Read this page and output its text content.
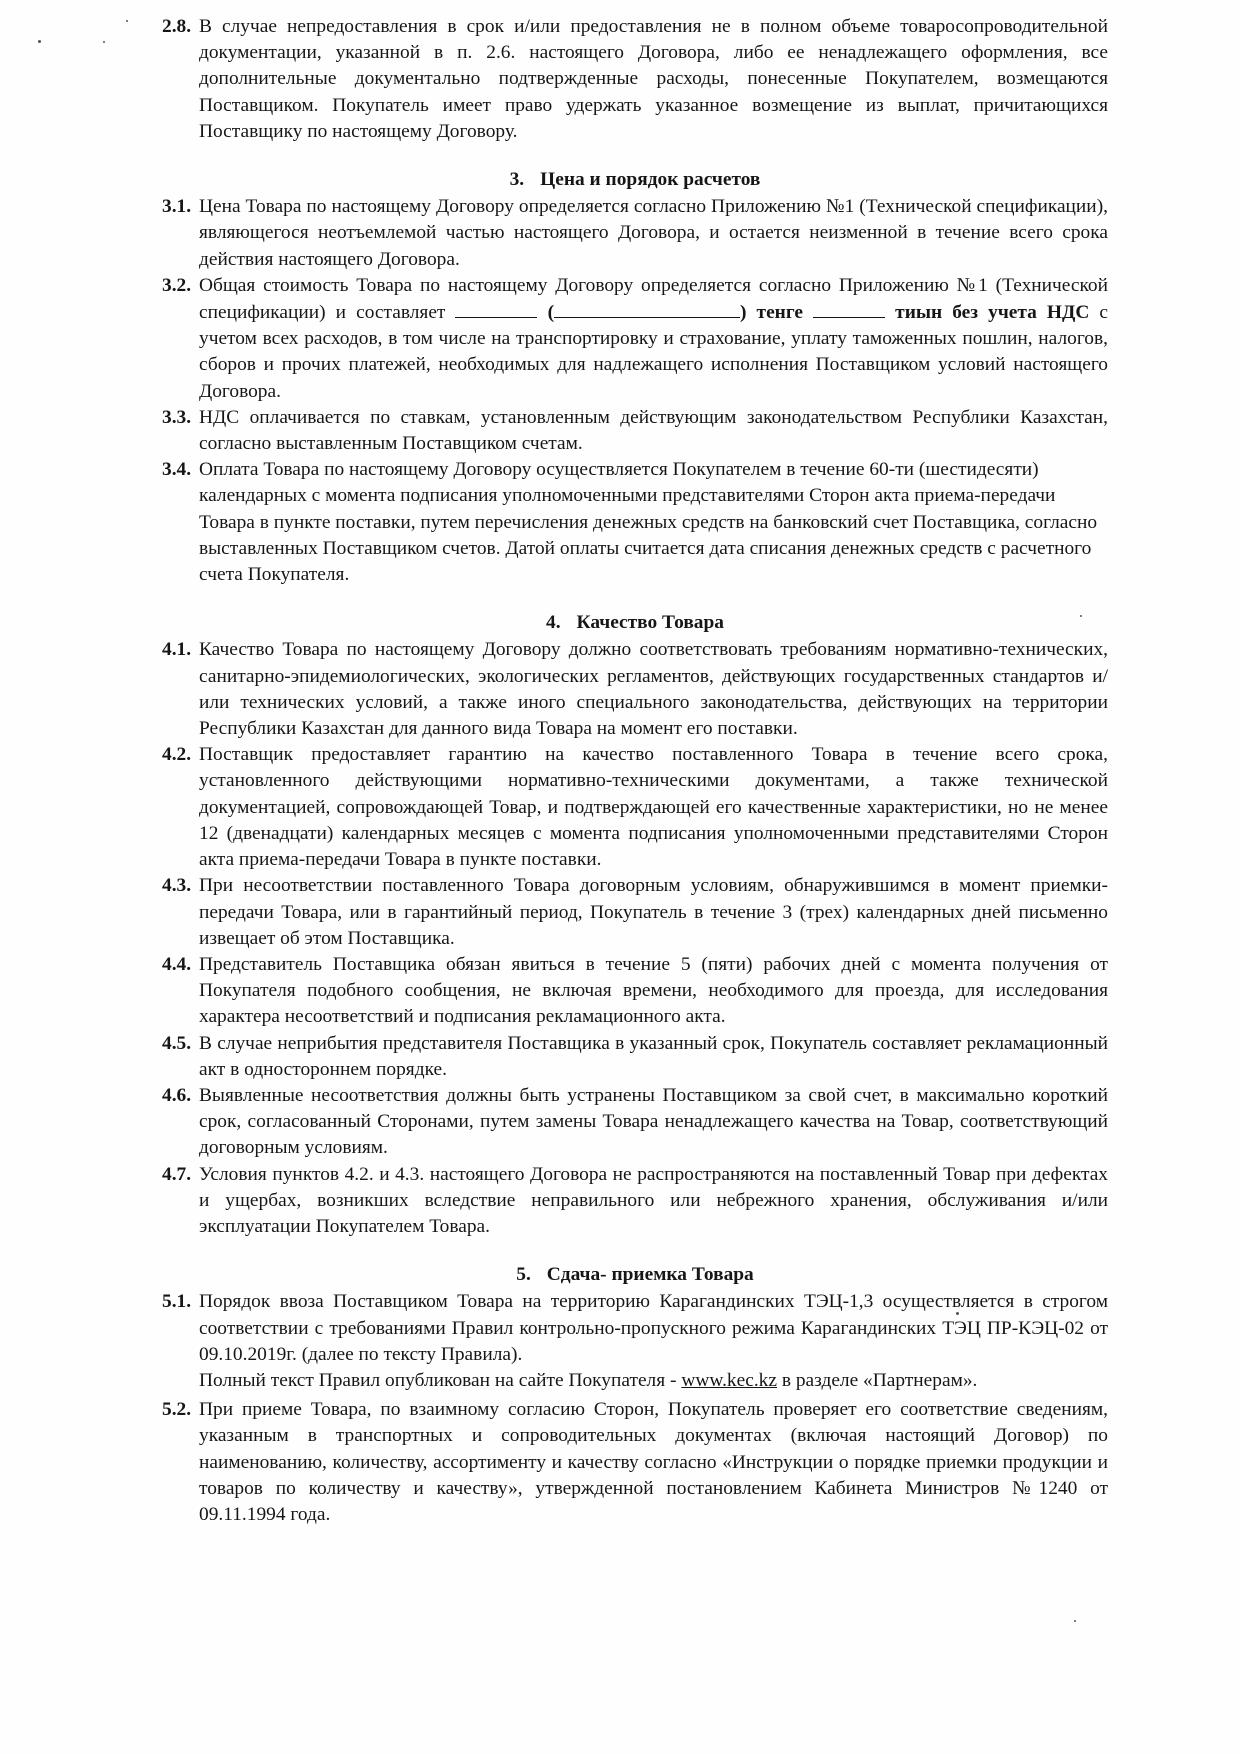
2.8. В случае непредоставления в срок и/или предоставления не в полном объеме товаросопроводительной документации, указанной в п. 2.6. настоящего Договора, либо ее ненадлежащего оформления, все дополнительные документально подтвержденные расходы, понесенные Покупателем, возмещаются Поставщиком. Покупатель имеет право удержать указанное возмещение из выплат, причитающихся Поставщику по настоящему Договору.
3. Цена и порядок расчетов
3.1. Цена Товара по настоящему Договору определяется согласно Приложению №1 (Технической спецификации), являющегося неотъемлемой частью настоящего Договора, и остается неизменной в течение всего срока действия настоящего Договора.
3.2. Общая стоимость Товара по настоящему Договору определяется согласно Приложению №1 (Технической спецификации) и составляет	(	) тенге	тиын без учета НДС с учетом всех расходов, в том числе на транспортировку и страхование, уплату таможенных пошлин, налогов, сборов и прочих платежей, необходимых для надлежащего исполнения Поставщиком условий настоящего Договора.
3.3. НДС оплачивается по ставкам, установленным действующим законодательством Республики Казахстан, согласно выставленным Поставщиком счетам.
3.4. Оплата Товара по настоящему Договору осуществляется Покупателем в течение 60-ти (шестидесяти) календарных с момента подписания уполномоченными представителями Сторон акта приема-передачи Товара в пункте поставки, путем перечисления денежных средств на банковский счет Поставщика, согласно выставленных Поставщиком счетов. Датой оплаты считается дата списания денежных средств с расчетного счета Покупателя.
4. Качество Товара
4.1. Качество Товара по настоящему Договору должно соответствовать требованиям нормативно-технических, санитарно-эпидемиологических, экологических регламентов, действующих государственных стандартов и/или технических условий, а также иного специального законодательства, действующих на территории Республики Казахстан для данного вида Товара на момент его поставки.
4.2. Поставщик предоставляет гарантию на качество поставленного Товара в течение всего срока, установленного действующими нормативно-техническими документами, а также технической документацией, сопровождающей Товар, и подтверждающей его качественные характеристики, но не менее 12 (двенадцати) календарных месяцев с момента подписания уполномоченными представителями Сторон акта приема-передачи Товара в пункте поставки.
4.3. При несоответствии поставленного Товара договорным условиям, обнаружившимся в момент приемки-передачи Товара, или в гарантийный период, Покупатель в течение 3 (трех) календарных дней письменно извещает об этом Поставщика.
4.4. Представитель Поставщика обязан явиться в течение 5 (пяти) рабочих дней с момента получения от Покупателя подобного сообщения, не включая времени, необходимого для проезда, для исследования характера несоответствий и подписания рекламационного акта.
4.5. В случае неприбытия представителя Поставщика в указанный срок, Покупатель составляет рекламационный акт в одностороннем порядке.
4.6. Выявленные несоответствия должны быть устранены Поставщиком за свой счет, в максимально короткий срок, согласованный Сторонами, путем замены Товара ненадлежащего качества на Товар, соответствующий договорным условиям.
4.7. Условия пунктов 4.2. и 4.3. настоящего Договора не распространяются на поставленный Товар при дефектах и ущербах, возникших вследствие неправильного или небрежного хранения, обслуживания и/или эксплуатации Покупателем Товара.
5. Сдача- приемка Товара
5.1. Порядок ввоза Поставщиком Товара на территорию Карагандинских ТЭЦ-1,3 осуществляется в строгом соответствии с требованиями Правил контрольно-пропускного режима Карагандинских ТЭЦ ПР-КЭЦ-02 от 09.10.2019г. (далее по тексту Правила).
Полный текст Правил опубликован на сайте Покупателя - www.kec.kz в разделе «Партнерам».
5.2. При приеме Товара, по взаимному согласию Сторон, Покупатель проверяет его соответствие сведениям, указанным в транспортных и сопроводительных документах (включая настоящий Договор) по наименованию, количеству, ассортименту и качеству согласно «Инструкции о порядке приемки продукции и товаров по количеству и качеству», утвержденной постановлением Кабинета Министров №1240 от 09.11.1994 года.
